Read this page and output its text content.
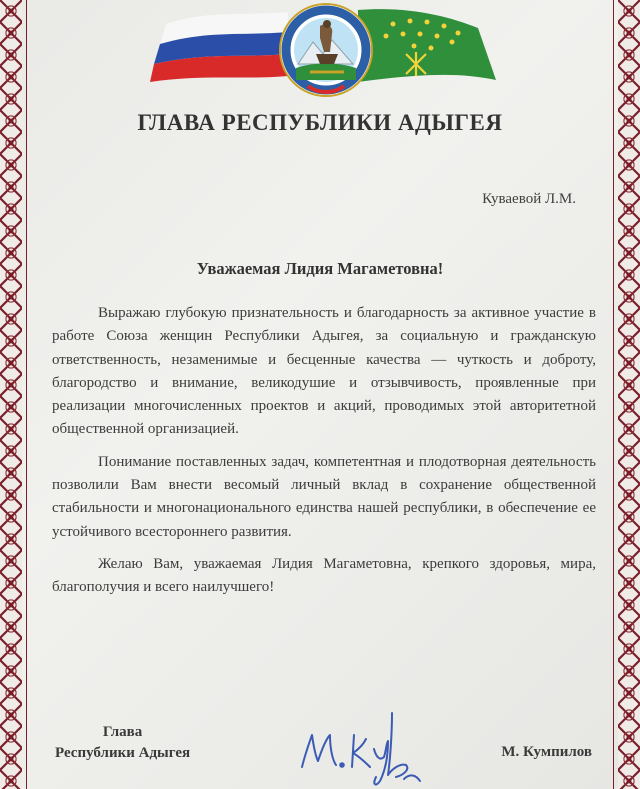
ГЛАВА РЕСПУБЛИКИ АДЫГЕЯ
Куваевой Л.М.
Уважаемая Лидия Магаметовна!

Выражаю глубокую признательность и благодарность за активное участие в работе Союза женщин Республики Адыгея, за социальную и гражданскую ответственность, незаменимые и бесценные качества — чуткость и доброту, благородство и внимание, великодушие и отзывчивость, проявленные при реализации многочисленных проектов и акций, проводимых этой авторитетной общественной организацией.

Понимание поставленных задач, компетентная и плодотворная деятельность позволили Вам внести весомый личный вклад в сохранение общественной стабильности и многонационального единства нашей республики, в обеспечение ее устойчивого всестороннего развития.

Желаю Вам, уважаемая Лидия Магаметовна, крепкого здоровья, мира, благополучия и всего наилучшего!

Глава
Республики Адыгея	М. Кумпилов
